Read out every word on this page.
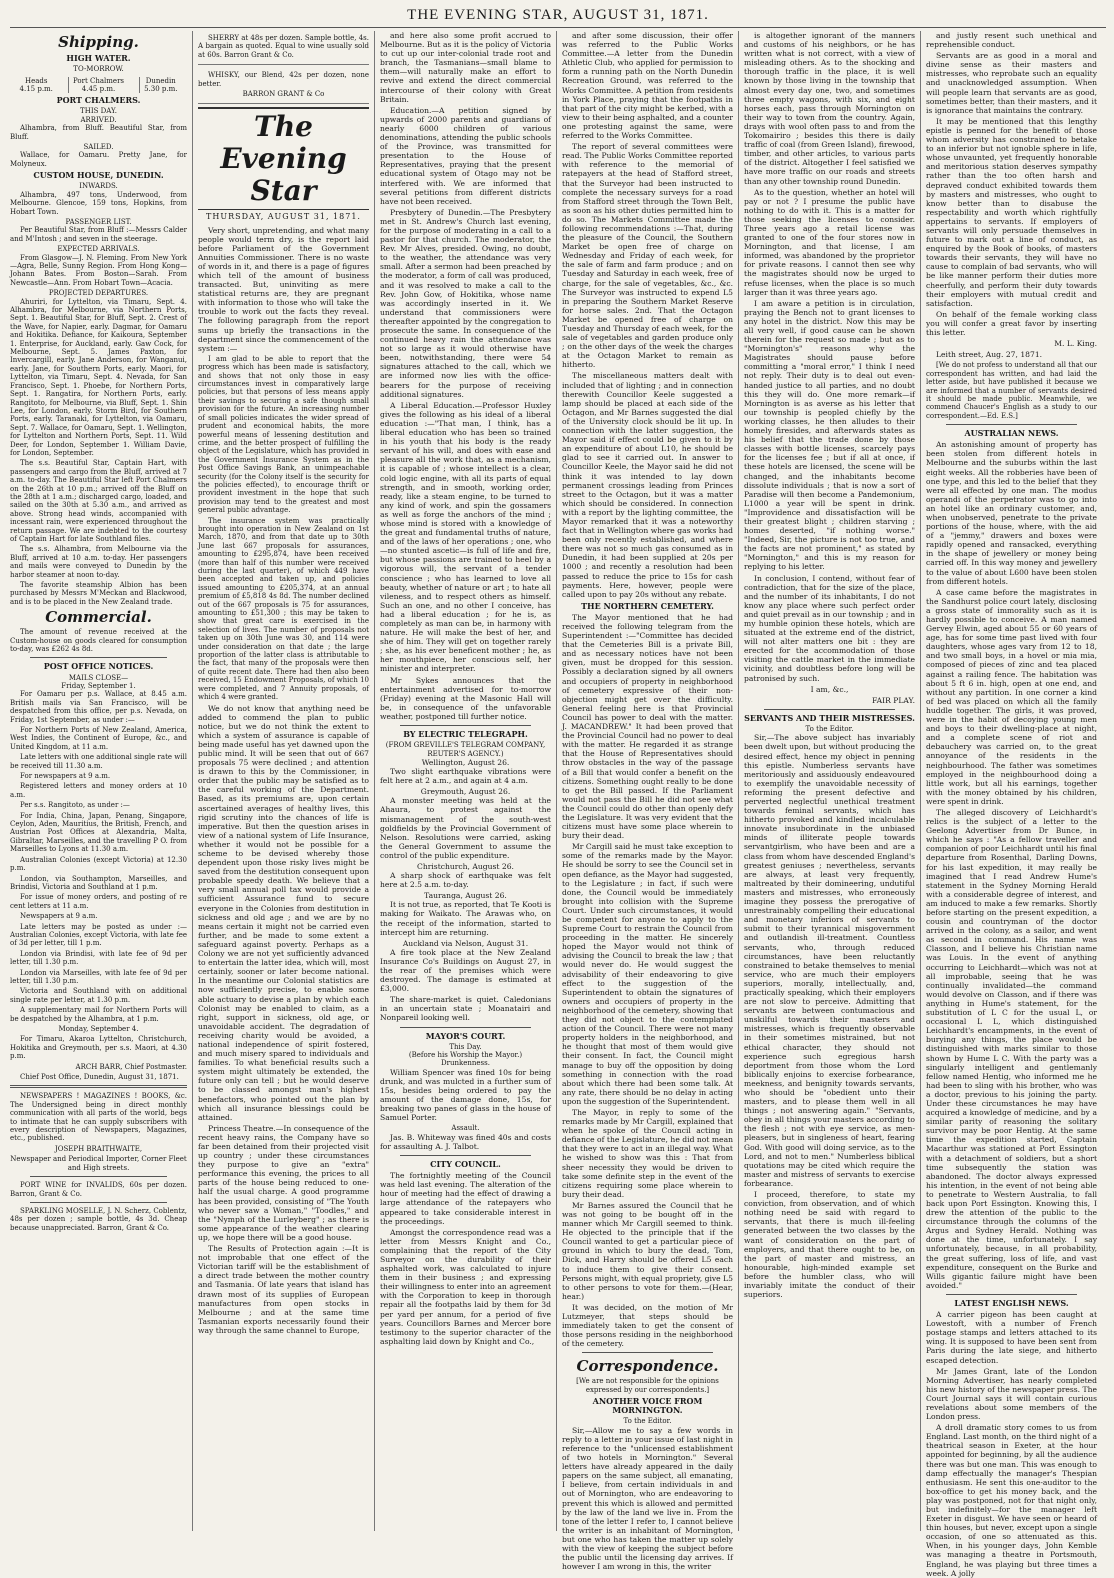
THE EVENING STAR, AUGUST 31, 1871.
Shipping.
HIGH WATER.
TO-MORROW.
Heads
4.15 p.m.
Port Chalmers
4.45 p.m.
Dunedin
5.30 p.m.
PORT CHALMERS.
THIS DAY.
ARRIVED.

Alhambra, from Bluff. Beautiful Star, from Bluff.

SAILED.

Wallace, for Oamaru. Pretty Jane, for Molyneux.

CUSTOM HOUSE, DUNEDIN.
INWARDS.

Alhambra, 497 tons, Underwood, from Melbourne. Glencoe, 159 tons, Hopkins, from Hobart Town.

PASSENGER LIST.

Per Beautiful Star, from Bluff :—Messrs Calder and M'Intosh ; and seven in the steerage.

EXPECTED ARRIVALS.

From Glasgow—J. N. Fleming. From New York—Agra, Belle, Sunny Region. From Hong Kong—Johann Bates. From Boston—Sarah. From Newcastle—Ann. From Hobart Town—Acacia.

PROJECTED DEPARTURES.

Ahuriri, for Lyttelton, via Timaru, Sept. 4. Alhambra, for Melbourne, via Northern Ports, Sept. 1. Beautiful Star, for Bluff, Sept. 2. Crest of the Wave, for Napier, early. Dagmar, for Oamaru and Hokitika. Defiance, for Kaikoura, September 1. Enterprise, for Auckland, early. Gaw Cock, for Melbourne, Sept. 5. James Paxton, for Invercargill, early. Jane Anderson, for Wanganui, early. Jane, for Southern Ports, early. Maori, for Lyttelton, via Timaru, Sept. 4. Nevada, for San Francisco, Sept. 1. Phoebe, for Northern Ports, Sept. 1. Rangatira, for Northern Ports, early. Rangitoto, for Melbourne, via Bluff, Sept. 1. Shin Lee, for London, early. Storm Bird, for Southern Ports, early. Taranaki, for Lyttelton, via Oamaru, Sept. 7. Wallace, for Oamaru, Sept. 1. Wellington, for Lyttelton and Northern Ports, Sept. 11. Wild Deer, for London, September 1. William Davie, for London, September.

The s.s. Beautiful Star, Captain Hart, with passengers and cargo from the Bluff, arrived at 7 a.m. to-day. The Beautiful Star left Port Chalmers on the 26th at 10 p.m.; arrived off the Bluff on the 28th at 1 a.m.; discharged cargo, loaded, and sailed on the 30th at 5.30 a.m., and arrived as above. Strong head winds, accompanied with incessant rain, were experienced throughout the return passage. We are indebted to the courtesy of Captain Hart for late Southland files.

The s.s. Alhambra, from Melbourne via the Bluff, arrived at 10 a.m. to-day. Her passengers and mails were conveyed to Dunedin by the harbor steamer at noon to-day.

The favorite steamship Albion has been purchased by Messrs M'Meckan and Blackwood, and is to be placed in the New Zealand trade.

Commercial.

The amount of revenue received at the Custom-house on goods cleared for consumption to-day, was £262 4s 8d.

POST OFFICE NOTICES.
MAILS CLOSE—
Friday, September 1.

For Oamaru per p.s. Wallace, at 8.45 a.m. British mails via San Francisco, will be despatched from this office, per p.s. Nevada, on Friday, 1st September, as under :—

For Northern Ports of New Zealand, America, West Indies, the Continent of Europe, &c., and United Kingdom, at 11 a.m.

Late letters with one additional single rate will be received till 11.30 a.m.

For newspapers at 9 a.m.

Registered letters and money orders at 10 a.m.

Per s.s. Rangitoto, as under :—

For India, China, Japan, Penang, Singapore, Ceylon, Aden, Mauritius, the British, French, and Austrian Post Offices at Alexandria, Malta, Gibraltar, Marseilles, and the travelling P O. from Marseilles to Lyons at 11.30 a.m.

Australian Colonies (except Victoria) at 12.30 p.m.

London, via Southampton, Marseilles, and Brindisi, Victoria and Southland at 1 p.m.

For issue of money orders, and posting of re cent letters at 11 a.m.

Newspapers at 9 a.m.

Late letters may be posted as under :— Australian Colonies, except Victoria, with late fee of 3d per letter, till 1 p.m.

London via Brindisi, with late fee of 9d per letter, till 1.30 p.m.

London via Marseilles, with late fee of 9d per letter, till 1.30 p.m.

Victoria and Southland with on additional single rate per letter, at 1.30 p.m.

A supplementary mail for Northern Ports will be despatched by the Alhambra, at 1 p.m.

Monday, September 4.

For Timaru, Akaroa Lyttelton, Christchurch, Hokitika and Greymouth, per s.s. Maori, at 4.30 p.m.

ARCH BARR, Chief Postmaster.

Chief Post Office, Dunedin, August 31, 1871.

NEWSPAPERS ! MAGAZINES ! BOOKS, &c. The Undersigned being in direct monthly communication with all parts of the world, begs to intimate that he can supply subscribers with every description of Newspapers, Magazines, etc., published.

JOSEPH BRAITHWAITE,

Newspaper and Periodical Importer, Corner Fleet and High streets.

PORT WINE for INVALIDS, 60s per dozen. Barron, Grant & Co.

SPARKLING MOSELLE, J. N. Scherz, Coblentz, 48s per dozen ; sample bottle, 4s 3d. Cheap because unappreciated. Barron, Grant & Co.

SHERRY at 48s per dozen. Sample bottle, 4s. A bargain as quoted. Equal to wine usually sold at 60s. Barron Grant & Co.

WHISKY, our Blend, 42s per dozen, none better.

BARRON GRANT & Co

The Evening Star
THURSDAY, AUGUST 31, 1871.

Very short, unpretending, and what many people would term dry, is the report laid before Parliament of the Government Annuities Commissioner. There is no waste of words in it, and there is a page of figures which tell of the amount of business transacted. But, uninviting as mere statistical returns are, they are pregnant with information to those who will take the trouble to work out the facts they reveal. The following paragraph from the report sums up briefly the transactions in the department since the commencement of the system :—

I am glad to be able to report that the progress which has been made is satisfactory, and shows that not only those in easy circumstances invest in comparatively large policies, but that persons of less means apply their savings to securing a safe though small provision for the future. An increasing number of small policies indicates the wider spread of prudent and economical habits, the more powerful means of lessening destitution and crime, and the better prospect of fulfilling the object of the Legislature, which has provided in the Government Insurance System as in the Post Office Savings Bank, an unimpeachable security (for the Colony itself is the security for the policies effected), to encourage thrift or provident investment in the hope that such provision may tend to the greatest and most general public advantage.

The insurance system was practically brought into operation in New Zealand on 1st March, 1870, and from that date up to 30th June last 667 proposals for assurances, amounting to £295,874, have been received (more than half of this number were received during the last quarter), of which 449 have been accepted and taken up, and policies issued amounting to £205,374, at an annual premium of £5,818 4s 8d. The number declined out of the 667 proposals is 75 for assurances, amounting to £51,300 ; this may be taken to show that great care is exercised in the selection of lives. The number of proposals not taken up on 30th June was 30, and 114 were under consideration on that date ; the large proportion of the latter class is attributable to the fact, that many of the proposals were then of quite recent date. There had then also been received, 15 Endowment Proposals, of which 10 were completed, and 7 Annuity proposals, of which 4 were granted.

We do not know that anything need be added to commend the plan to public notice, but we do not think the extent to which a system of assurance is capable of being made useful has yet dawned upon the public mind. It will be seen that out of 667 proposals 75 were declined ; and attention is drawn to this by the Commissioner, in order that the public may be satisfied as to the careful working of the Department. Based, as its premiums are, upon certain ascertained averages of healthy lives, this rigid scrutiny into the chances of life is imperative. But then the question arises in view of a national system of Life Insurance, whether it would not be possible for a scheme to be devised whereby those dependent upon those risky lives might be saved from the destitution consequent upon probable speedy death. We believe that a very small annual poll tax would provide a sufficient Assurance fund to secure everyone in the Colonies from destitution in sickness and old age ; and we are by no means certain it might not be carried even further, and be made to some extent a safeguard against poverty. Perhaps as a Colony we are not yet sufficiently advanced to entertain the latter idea, which will, most certainly, sooner or later become national. In the meantime our Colonial statistics are now sufficiently precise, to enable some able actuary to devise a plan by which each Colonist may be enabled to claim, as a right, support in sickness, old age, or unavoidable accident. The degradation of receiving charity would be avoided, a national independence of spirit fostered, and much misery spared to individuals and families. To what beneficial results such a system might ultimately be extended, the future only can tell ; but he would deserve to be classed amongst man's highest benefactors, who pointed out the plan by which all insurance blessings could be attained.

Princess Theatre.—In consequence of the recent heavy rains, the Company have so far been detained from their projected visit up country ; under these circumstances they purpose to give an "extra" performance this evening, the prices to all parts of the house being reduced to one-half the usual charge. A good programme has been provided, consisting of "The Youth who never saw a Woman," "Toodles," and the "Nymph of the Lurleyberg" ; as there is some appearance of the weather clearing up, we hope there will be a good house.

The Results of Protection again :—It is not improbable that one effect of the Victorian tariff will be the establishment of a direct trade between the mother country and Tasmania. Of late years that island has drawn most of its supplies of European manufactures from open stocks in Melbourne ; and at the same time Tasmanian exports necessarily found their way through the same channel to Europe,

and here also some profit accrued to Melbourne. But as it is the policy of Victoria to cut up our inter-colonial trade root and branch, the Tasmanians—small blame to them—will naturally make an effort to revive and extend the direct commercial intercourse of their colony with Great Britain.

Education.—A petition signed by upwards of 2000 parents and guardians of nearly 6000 children of various denominations, attending the public schools of the Province, was transmitted for presentation to the House of Representatives, praying that the present educational system of Otago may not be interfered with. We are informed that several petitions from different districts have not been received.

Presbytery of Dunedin.—The Presbytery met in St. Andrew's Church last evening, for the purpose of moderating in a call to a pastor for that church. The moderator, the Rev. Mr Alves, presided. Owing, no doubt, to the weather, the attendance was very small. After a sermon had been preached by the moderator, a form of call was produced, and it was resolved to make a call to the Rev. John Gow, of Hokitika, whose name was accordingly inserted in it. We understand that commissioners were thereafter appointed by the congregation to prosecute the same. In consequence of the continued heavy rain the attendance was not so large as it would otherwise have been, notwithstanding, there were 54 signatures attached to the call, which we are informed now lies with the office-bearers for the purpose of receiving additional signatures.

A Liberal Education.—Professor Huxley gives the following as his ideal of a liberal education :—"That man, I think, has a liberal education who has been so trained in his youth that his body is the ready servant of his will, and does with ease and pleasure all the work that, as a mechanism, it is capable of ; whose intellect is a clear, cold logic engine, with all its parts of equal strength, and in smooth, working order, ready, like a steam engine, to be turned to any kind of work, and spin the gossamers as well as forge the anchors of the mind ; whose mind is stored with a knowledge of the great and fundamental truths of nature, and of the laws of her operations ; one, who—no stunted ascetic—is full of life and fire, but whose passions are trained to heel by a vigorous will, the servant of a tender conscience ; who has learned to love all beauty, whether of nature or art ; to hate all vileness, and to respect others as himself. Such an one, and no other I conceive, has had a liberal education ; for he is, as completely as man can be, in harmony with nature. He will make the best of her, and she of him. They will get on together rarely ; she, as his ever beneficent mother ; he, as her mouthpiece, her conscious self, her minister and interpreter.

Mr Sykes announces that the entertainment advertised for to-morrow (Friday) evening at the Masonic Hall will be, in consequence of the unfavorable weather, postponed till further notice.

BY ELECTRIC TELEGRAPH.
(FROM GREVILLE'S TELEGRAM COMPANY, REUTER'S AGENCY.)
Wellington, August 26.

Two slight earthquake vibrations were felt here at 2 a.m., and again at 4 a.m.

Greymouth, August 26.

A monster meeting was held at the Ahaura, to protest against the mismanagement of the south-west goldfields by the Provincial Government of Nelson. Resolutions were carried, asking the General Government to assume the control of the public expenditure.

Christchurch, August 26.

A sharp shock of earthquake was felt here at 2.5 a.m. to-day.

Tauranga, August 26.

It is not true, as reported, that Te Kooti is making for Waikato. The Arawas who, on the receipt of the information, started to intercept him are returning.

Auckland via Nelson, August 31.

A fire took place at the New Zealand Insurance Co's Buildings on August 27, in the rear of the premises which were destroyed. The damage is estimated at £3,000.

The share-market is quiet. Caledonians in an uncertain state ; Moanatairi and Nonpareil looking well.

MAYOR'S COURT.
This Day.
(Before his Worship the Mayor.)
Drunkenness.

William Spencer was fined 10s for being drunk, and was mulcted in a further sum of 15s, besides being ordered to pay the amount of the damage done, 15s, for breaking two panes of glass in the house of Samuel Porter.

Assault.

Jas. B. Whiteway was fined 40s and costs for assaulting A. J. Talbot.

CITY COUNCIL.

The fortnightly meeting of the Council was held last evening. The alteration of the hour of meeting had the effect of drawing a large attendance of the ratepayers who appeared to take considerable interest in the proceedings.

Amongst the correspondence read was a letter from Messrs Knight and Co., complaining that the report of the City Surveyor on the durability of their asphalted work, was calculated to injure them in their business ; and expressing their willingness to enter into an agreement with the Corporation to keep in thorough repair all the footpaths laid by them for 3d per yard per annum, for a period of five years. Councillors Barnes and Mercer bore testimony to the superior character of the asphalting laid down by Knight and Co.,

and after some discussion, their offer was referred to the Public Works Committee.—A letter from the Dunedin Athletic Club, who applied for permission to form a running path on the North Dunedin Recreation Ground, was referred to the Works Committee. A petition from residents in York Place, praying that the footpaths in that part of the city might be kerbed, with a view to their being asphalted, and a counter one protesting against the same, were referred to the Works Committee.

The report of several committees were read. The Public Works Committee reported with reference to the memorial of ratepayers at the head of Stafford street, that the Surveyor had been instructed to complete the necessary surveys for a road from Stafford street through the Town Belt, as soon as his other duties permitted him to do so. The Markets Committee made the following recommendations :—That, during the pleasure of the Council, the Southern Market be open free of charge on Wednesday and Friday of each week, for the sale of farm and farm produce ; and on Tuesday and Saturday in each week, free of charge, for the sale of vegetables, &c., &c. The Surveyor was instructed to expend L5 in preparing the Southern Market Reserve for horse sales. 2nd. That the Octagon Market be opened free of charge on Tuesday and Thursday of each week, for the sale of vegetables and garden produce only ; on the other days of the week the charges at the Octagon Market to remain as hitherto.

The miscellaneous matters dealt with included that of lighting ; and in connection therewith Councillor Keele suggested a lamp should be placed at each side of the Octagon, and Mr Barnes suggested the dial of the University clock should be lit up. In connection with the latter suggestion, the Mayor said if effect could be given to it by an expenditure of about L10, he should be glad to see it carried out. In answer to Councillor Keele, the Mayor said he did not think it was intended to lay down permanent crossings leading from Princes street to the Octagon, but it was a matter which should be considered. In connection with a report by the lighting committee, the Mayor remarked that it was a noteworthy fact that in Wellington where gas works had been only recently established, and where there was not so much gas consumed as in Dunedin, it had been supplied at 20s per 1000 ; and recently a resolution had been passed to reduce the price to 15s for cash payments. Here, however, people were called upon to pay 20s without any rebate.

THE NORTHERN CEMETERY.

The Mayor mentioned that he had received the following telegram from the Superintendent :—"Committee has decided that the Cemeteries Bill is a private Bill, and as necessary notices have not been given, must be dropped for this session. Possibly a declaration signed by all owners and occupiers of property in neighborhood of cemetery expressive of their non-objection might get over the difficulty. General feeling here is that Provincial Council has power to deal with the matter. J. MACANDREW." It had been proved that the Provincial Council had no power to deal with the matter. He regarded it as strange that the House of Representatives should throw obstacles in the way of the passage of a Bill that would confer a benefit on the citizens. Something ought really to be done to get the Bill passed. If the Parliament would not pass the Bill he did not see what the Council could do other than openly defy the Legislature. It was very evident that the citizens must have some place wherein to bury their dead.

Mr Cargill said he must take exception to some of the remarks made by the Mayor. He should be sorry to see the Council set in open defiance, as the Mayor had suggested, to the Legislature ; in fact, if such were done, the Council would be immediately brought into collision with the Supreme Court. Under such circumstances, it would be competent for anyone to apply to the Supreme Court to restrain the Council from proceeding in the matter. He sincerely hoped the Mayor would not think of advising the Council to break the law ; that would never do. He would suggest the advisability of their endeavoring to give effect to the suggestion of the Superintendent to obtain the signatures of owners and occupiers of property in the neighborhood of the cemetery, showing that they did not object to the contemplated action of the Council. There were not many property holders in the neighborhood, and he thought that most of them would give their consent. In fact, the Council might manage to buy off the opposition by doing something in connection with the road about which there had been some talk. At any rate, there should be no delay in acting upon the suggestion of the Superintendent.

The Mayor, in reply to some of the remarks made by Mr Cargill, explained that when he spoke of the Council acting in defiance of the Legislature, he did not mean that they were to act in an illegal way. What he wished to show was this : That from sheer necessity they would be driven to take some definite step in the event of the citizens requiring some place wherein to bury their dead.

Mr Barnes assured the Council that he was not going to be bought off in the manner which Mr Cargill seemed to think. He objected to the principle that if the Council wanted to get a particular piece of ground in which to bury the dead, Tom, Dick, and Harry should be offered L5 each to induce them to give their consent. Persons might, with equal propriety, give L5 to other persons to vote for them.—(Hear, hear.)

It was decided, on the motion of Mr Lutzmeyer, that steps should be immediately taken to get the consent of those persons residing in the neighborhood of the cemetery.

Correspondence.

[We are not responsible for the opinions expressed by our correspondents.]

ANOTHER VOICE FROM MORNINGTON.
To the Editor.

Sir,—Allow me to say a few words in reply to a letter in your issue of last night in reference to the "unlicensed establishment of two hotels in Mornington." Several letters have already appeared in the daily papers on the same subject, all emanating, I believe, from certain individuals in and out of Mornington, who are endeavoring to prevent this which is allowed and permitted by the law of the land we live in. From the tone of the letter I refer to, I cannot believe the writer is an inhabitant of Mornington, but one who has taken the matter up solely with the view of keeping the subject before the public until the licensing day arrives. If however I am wrong in this, the writer

is altogether ignorant of the manners and customs of his neighbors, or he has written what is not correct, with a view of misleading others. As to the shocking and thorough traffic in the place, it is well known by those living in the township that almost every day one, two, and sometimes three empty wagons, with six, and eight horses each, pass through Mornington on their way to town from the country. Again, drays with wool often pass to and from the Tokomairiro ; besides this there is daily traffic of coal (from Green Island), firewood, timber, and other articles, to various parts of the district. Altogether I feel satisfied we have more traffic on our roads and streets than any other township round Dunedin.

As to the question, whether an hotel will pay or not ? I presume the public have nothing to do with it. This is a matter for those seeking the licenses to consider. Three years ago a retail license was granted to one of the four stores now in Mornington, and that license, I am informed, was abandoned by the proprietor for private reasons. I cannot then see why the magistrates should now be urged to refuse licenses, when the place is so much larger than it was three years ago.

I am aware a petition is in circulation, praying the Bench not to grant licenses to any hotel in the district. Now this may be all very well, if good cause can be shown therein for the request so made ; but as to "Mornington's" reasons why the Magistrates should pause before committing a "moral error," I think I need not reply. Their duty is to deal out even-handed justice to all parties, and no doubt this they will do. One more remark—if Mornington is as averse as his letter that our township is peopled chiefly by the working classes, he then alludes to their homely firesides, and afterwards states as his belief that the trade done by those classes with bottle licenses, scarcely pays for the licenses fee ; but if all at once, if these hotels are licensed, the scene will be changed, and the inhabitants become dissolute individuals ; that is now a sort of Paradise will then become a Pandemonium, L1000 a year will be spent in drink. "Improvidence and dissatisfaction will be their greatest blight ; children starving ; homes deserted, "if nothing worse." "Indeed, Sir, the picture is not too true, and the facts are not prominent," as stated by "Mornington," and this is my reason for replying to his letter.

In conclusion, I contend, without fear of contradiction, that for the size of the place, and the number of its inhabitants, I do not know any place where such perfect order and quiet prevail as in our township ; and in my humble opinion these hotels, which are situated at the extreme end of the district, will not alter matters one bit : they are erected for the accommodation of those visiting the cattle market in the immediate vicinity, and doubtless before long will be patronised by such.

I am, &c.,

FAIR PLAY.

SERVANTS AND THEIR MISTRESSES.
To the Editor.

Sir,—The above subject has invariably been dwelt upon, but without producing the desired effect, hence my object in penning this epistle. Numberless servants have meritoriously and assiduously endeavoured to exemplify the unavoidable necessity of reforming the present defective and perverted neglectful unethical treatment towards feminal servants, which has hitherto provoked and kindled incalculable innovate insubordinate in the unbiased minds of illiterate people towards servantgirlism, who have been and are a class from whom have descended England's greatest geniuses ; nevertheless, servants are always, at least very frequently, maltreated by their domineering, undutiful masters and mistresses, who erroneously imagine they possess the prerogative of unrestrainably compelling their educational and monetary inferiors of servants to submit to their tyrannical misgovernment and outlandish ill-treatment. Countless servants, who, through reduced circumstances, have been reluctantly constrained to betake themselves to menial service, who are much their employers superiors, morally, intellectually, and, practically speaking, which their employers are not slow to perceive. Admitting that servants are between contumacious and unskilful towards their masters and mistresses, which is frequently observable in their sometimes mistrained, but not ethical character, they should not experience such egregious harsh deportment from those whom the Lord biblically enjoins to exercise forbearance, meekness, and benignity towards servants, who should be "obedient unto their masters, and to please them well in all things ; not answering again." "Servants, obey in all things your masters according to the flesh ; not with eye service, as men-pleasers, but in singleness of heart, fearing God. With good will doing service, as to the Lord, and not to men." Numberless biblical quotations may be cited which require the master and mistress of servants to exercise forbearance.

I proceed, therefore, to state my conviction, from observation, and of which nothing need be said with regard to servants, that there is much ill-feeling generated between the two classes by the want of consideration on the part of employers, and that there ought to be, on the part of master and mistress, an honourable, high-minded example set before the humbler class, who will invariably imitate the conduct of their superiors.

and justly resent such unethical and reprehensible conduct.

Servants are as good in a moral and divine sense as their masters and mistresses, who reprobate such an equality and unacknowledged assumption. When will people learn that servants are as good, sometimes better, than their masters, and it is ignorance that maintains the contrary.

It may be mentioned that this lengthy epistle is penned for the benefit of those whom adversity has constrained to betake to an inferior but not ignoble sphere in life, whose unvaunted, yet frequently honorable and meritorious station deserves sympathy rather than the too often harsh and depraved conduct exhibited towards them by masters and mistresses, who ought to know better than to disabuse the respectability and worth which rightfully appertains to servants. If employers of servants will only persuade themselves in future to mark out a line of conduct, as enquired by the Book of books, of masters towards their servants, they will have no cause to complain of bad servants, who will be like manner perform their duties more cheerfully, and perform their duty towards their employers with mutual credit and satisfaction.

On behalf of the female working class you will confer a great favor by inserting this letter.

M. L. King.

Leith street, Aug. 27, 1871.

[We do not profess to understand all that our correspondent has written, and had laid the letter aside, but have published it because we are informed that a number of servants desired it should be made public. Meanwhile, we commend Chaucer's English as a study to our correspondent.—Ed. E.S.]

AUSTRALIAN NEWS.

An astonishing amount of property has been stolen from different hotels in Melbourne and the suburbs within the last eight weeks. All the robberies have been of one type, and this led to the belief that they were all effected by one man. The modus operandi of the perpetrator was to go into an hotel like an ordinary customer, and, when unobserved, penetrate to the private portions of the house, where, with the aid of a "jemmy," drawers and boxes were rapidly opened and ransacked, everything in the shape of jewellery or money being carried off. In this way money and jewellery to the value of about L600 have been stolen from different hotels.

A case came before the magistrates in the Sandhurst police court lately, disclosing a gross state of immorality such as it is hardly possible to conceive. A man named Gervey Elwin, aged about 55 or 60 years of age, has for some time past lived with four daughters, whose ages vary from 12 to 18, and two small boys, in a hovel or mia mia, composed of pieces of zinc and tea placed against a railing fence. The habitation was about 5 ft 6 in. high, open at one end, and without any partition. In one corner a kind of bed was placed on which all the family huddle together. The girls, it was proved, were in the habit of decoying young men and boys to their dwelling-place at night, and a complete scene of riot and debauchery was carried on, to the great annoyance of the residents in the neighbourhood. The father was sometimes employed in the neighbourhood doing a little work, but all his earnings, together with the money obtained by his children, were spent in drink.

The alleged discovery of Leichhardt's relics is the subject of a letter to the Geelong Advertiser from Dr Bunce, in which he says : "As a fellow traveller and companion of poor Leichhardt until his final departure from Rosenthal, Darling Downs, for his last expedition, it may really be imagined that I read Andrew Hume's statement in the Sydney Morning Herald with a considerable degree of interest, and am induced to make a few remarks. Shortly before starting on the present expedition, a cousin and countryman of the doctor arrived in the colony, as a sailor, and went as second in command. His name was Classon, and I believe his Christian name was Louis. In the event of anything occurring to Leichhardt—which was not at all improbable, seeing that he was continually invalidated—the command would devolve on Classon, and if there was anything in Hume's statement, for the substitution of L C for the usual L, or occasional L L, which distinguished Leichhardt's encampments, in the event of burying any things, the place would be distinguished with marks similar to those shown by Hume L C. With the party was a singularly intelligent and gentlemanly fellow named Hentig, who informed me he had been to sling with his brother, who was a doctor, previous to his joining the party. Under these circumstances he may have acquired a knowledge of medicine, and by a similar parity of reasoning the solitary survivor may be poor Hentig. At the same time the expedition started, Captain Macarthur was stationed at Port Essington with a detachment of soldiers, but a short time subsequently the station was abandoned. The doctor always expressed his intention, in the event of not being able to penetrate to Western Australia, to fall back upon Port Essington. Knowing this, I drew the attention of the public to the circumstance through the columns of the Argus and Sydney Herald. Nothing was done at the time, unfortunately. I say unfortunately, because, in all probability, the great suffering, loss of life, and vast expenditure, consequent on the Burke and Wills gigantic failure might have been avoided."

LATEST ENGLISH NEWS.

A carrier pigeon has been caught at Lowestoft, with a number of French postage stamps and letters attached to its wing. It is supposed to have been sent from Paris during the late siege, and hitherto escaped detection.

Mr James Grant, late of the London Morning Advertiser, has nearly completed his new history of the newspaper press. The Court Journal says it will contain curious revelations about some members of the London press.

A droll dramatic story comes to us from England. Last month, on the third night of a theatrical season in Exeter, at the hour appointed for beginning, by all the audience there was but one man. This was enough to damp effectually the manager's Thespian enthusiasm. He sent this one-auditor to the box-office to get his money back, and the play was postponed, not for that night only, but indefinitely—for the manager left Exeter in disgust. We have seen or heard of thin houses, but never, except upon a single occasion, of one so attenuated as this. When, in his younger days, John Kemble was managing a theatre in Portsmouth, England, he was playing but three times a week. A jolly
